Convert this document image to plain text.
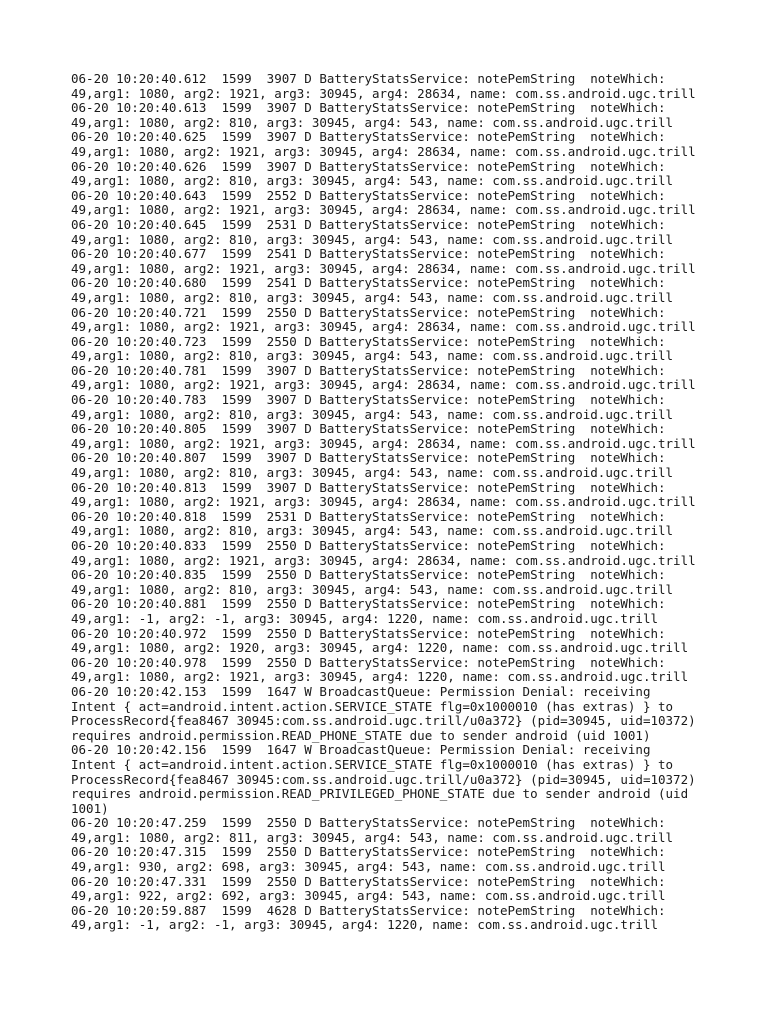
06-20 10:20:40.612  1599  3907 D BatteryStatsService: notePemString  noteWhich:
49,arg1: 1080, arg2: 1921, arg3: 30945, arg4: 28634, name: com.ss.android.ugc.trill
06-20 10:20:40.613  1599  3907 D BatteryStatsService: notePemString  noteWhich:
49,arg1: 1080, arg2: 810, arg3: 30945, arg4: 543, name: com.ss.android.ugc.trill
06-20 10:20:40.625  1599  3907 D BatteryStatsService: notePemString  noteWhich:
49,arg1: 1080, arg2: 1921, arg3: 30945, arg4: 28634, name: com.ss.android.ugc.trill
06-20 10:20:40.626  1599  3907 D BatteryStatsService: notePemString  noteWhich:
49,arg1: 1080, arg2: 810, arg3: 30945, arg4: 543, name: com.ss.android.ugc.trill
06-20 10:20:40.643  1599  2552 D BatteryStatsService: notePemString  noteWhich:
49,arg1: 1080, arg2: 1921, arg3: 30945, arg4: 28634, name: com.ss.android.ugc.trill
06-20 10:20:40.645  1599  2531 D BatteryStatsService: notePemString  noteWhich:
49,arg1: 1080, arg2: 810, arg3: 30945, arg4: 543, name: com.ss.android.ugc.trill
06-20 10:20:40.677  1599  2541 D BatteryStatsService: notePemString  noteWhich:
49,arg1: 1080, arg2: 1921, arg3: 30945, arg4: 28634, name: com.ss.android.ugc.trill
06-20 10:20:40.680  1599  2541 D BatteryStatsService: notePemString  noteWhich:
49,arg1: 1080, arg2: 810, arg3: 30945, arg4: 543, name: com.ss.android.ugc.trill
06-20 10:20:40.721  1599  2550 D BatteryStatsService: notePemString  noteWhich:
49,arg1: 1080, arg2: 1921, arg3: 30945, arg4: 28634, name: com.ss.android.ugc.trill
06-20 10:20:40.723  1599  2550 D BatteryStatsService: notePemString  noteWhich:
49,arg1: 1080, arg2: 810, arg3: 30945, arg4: 543, name: com.ss.android.ugc.trill
06-20 10:20:40.781  1599  3907 D BatteryStatsService: notePemString  noteWhich:
49,arg1: 1080, arg2: 1921, arg3: 30945, arg4: 28634, name: com.ss.android.ugc.trill
06-20 10:20:40.783  1599  3907 D BatteryStatsService: notePemString  noteWhich:
49,arg1: 1080, arg2: 810, arg3: 30945, arg4: 543, name: com.ss.android.ugc.trill
06-20 10:20:40.805  1599  3907 D BatteryStatsService: notePemString  noteWhich:
49,arg1: 1080, arg2: 1921, arg3: 30945, arg4: 28634, name: com.ss.android.ugc.trill
06-20 10:20:40.807  1599  3907 D BatteryStatsService: notePemString  noteWhich:
49,arg1: 1080, arg2: 810, arg3: 30945, arg4: 543, name: com.ss.android.ugc.trill
06-20 10:20:40.813  1599  3907 D BatteryStatsService: notePemString  noteWhich:
49,arg1: 1080, arg2: 1921, arg3: 30945, arg4: 28634, name: com.ss.android.ugc.trill
06-20 10:20:40.818  1599  2531 D BatteryStatsService: notePemString  noteWhich:
49,arg1: 1080, arg2: 810, arg3: 30945, arg4: 543, name: com.ss.android.ugc.trill
06-20 10:20:40.833  1599  2550 D BatteryStatsService: notePemString  noteWhich:
49,arg1: 1080, arg2: 1921, arg3: 30945, arg4: 28634, name: com.ss.android.ugc.trill
06-20 10:20:40.835  1599  2550 D BatteryStatsService: notePemString  noteWhich:
49,arg1: 1080, arg2: 810, arg3: 30945, arg4: 543, name: com.ss.android.ugc.trill
06-20 10:20:40.881  1599  2550 D BatteryStatsService: notePemString  noteWhich:
49,arg1: -1, arg2: -1, arg3: 30945, arg4: 1220, name: com.ss.android.ugc.trill
06-20 10:20:40.972  1599  2550 D BatteryStatsService: notePemString  noteWhich:
49,arg1: 1080, arg2: 1920, arg3: 30945, arg4: 1220, name: com.ss.android.ugc.trill
06-20 10:20:40.978  1599  2550 D BatteryStatsService: notePemString  noteWhich:
49,arg1: 1080, arg2: 1921, arg3: 30945, arg4: 1220, name: com.ss.android.ugc.trill
06-20 10:20:42.153  1599  1647 W BroadcastQueue: Permission Denial: receiving
Intent { act=android.intent.action.SERVICE_STATE flg=0x1000010 (has extras) } to
ProcessRecord{fea8467 30945:com.ss.android.ugc.trill/u0a372} (pid=30945, uid=10372)
requires android.permission.READ_PHONE_STATE due to sender android (uid 1001)
06-20 10:20:42.156  1599  1647 W BroadcastQueue: Permission Denial: receiving
Intent { act=android.intent.action.SERVICE_STATE flg=0x1000010 (has extras) } to
ProcessRecord{fea8467 30945:com.ss.android.ugc.trill/u0a372} (pid=30945, uid=10372)
requires android.permission.READ_PRIVILEGED_PHONE_STATE due to sender android (uid
1001)
06-20 10:20:47.259  1599  2550 D BatteryStatsService: notePemString  noteWhich:
49,arg1: 1080, arg2: 811, arg3: 30945, arg4: 543, name: com.ss.android.ugc.trill
06-20 10:20:47.315  1599  2550 D BatteryStatsService: notePemString  noteWhich:
49,arg1: 930, arg2: 698, arg3: 30945, arg4: 543, name: com.ss.android.ugc.trill
06-20 10:20:47.331  1599  2550 D BatteryStatsService: notePemString  noteWhich:
49,arg1: 922, arg2: 692, arg3: 30945, arg4: 543, name: com.ss.android.ugc.trill
06-20 10:20:59.887  1599  4628 D BatteryStatsService: notePemString  noteWhich:
49,arg1: -1, arg2: -1, arg3: 30945, arg4: 1220, name: com.ss.android.ugc.trill
